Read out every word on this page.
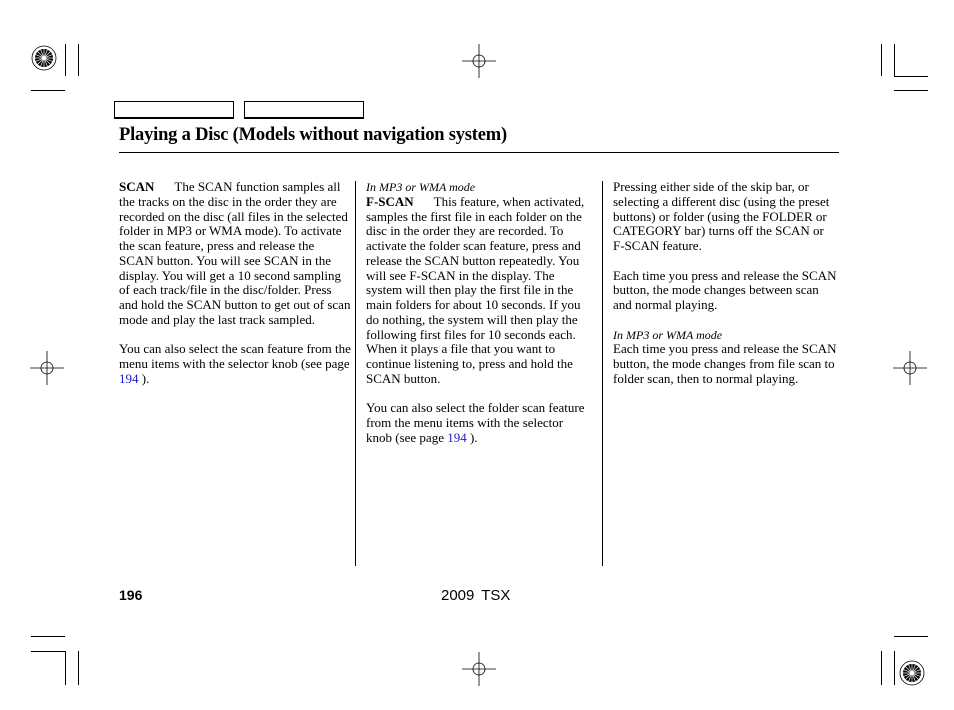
Playing a Disc (Models without navigation system)

SCAN The SCAN function samples all the tracks on the disc in the order they are recorded on the disc (all files in the selected folder in MP3 or WMA mode). To activate the scan feature, press and release the SCAN button. You will see SCAN in the display. You will get a 10 second sampling of each track/file in the disc/folder. Press and hold the SCAN button to get out of scan mode and play the last track sampled.

You can also select the scan feature from the menu items with the selector knob (see page 194 ).

In MP3 or WMA mode

F-SCAN This feature, when activated, samples the first file in each folder on the disc in the order they are recorded. To activate the folder scan feature, press and release the SCAN button repeatedly. You will see F-SCAN in the display. The system will then play the first file in the main folders for about 10 seconds. If you do nothing, the system will then play the following first files for 10 seconds each. When it plays a file that you want to continue listening to, press and hold the SCAN button.

You can also select the folder scan feature from the menu items with the selector knob (see page 194 ).

Pressing either side of the skip bar, or selecting a different disc (using the preset buttons) or folder (using the FOLDER or CATEGORY bar) turns off the SCAN or F-SCAN feature.

Each time you press and release the SCAN button, the mode changes between scan and normal playing.

In MP3 or WMA mode

Each time you press and release the SCAN button, the mode changes from file scan to folder scan, then to normal playing.

196	2009 TSX
